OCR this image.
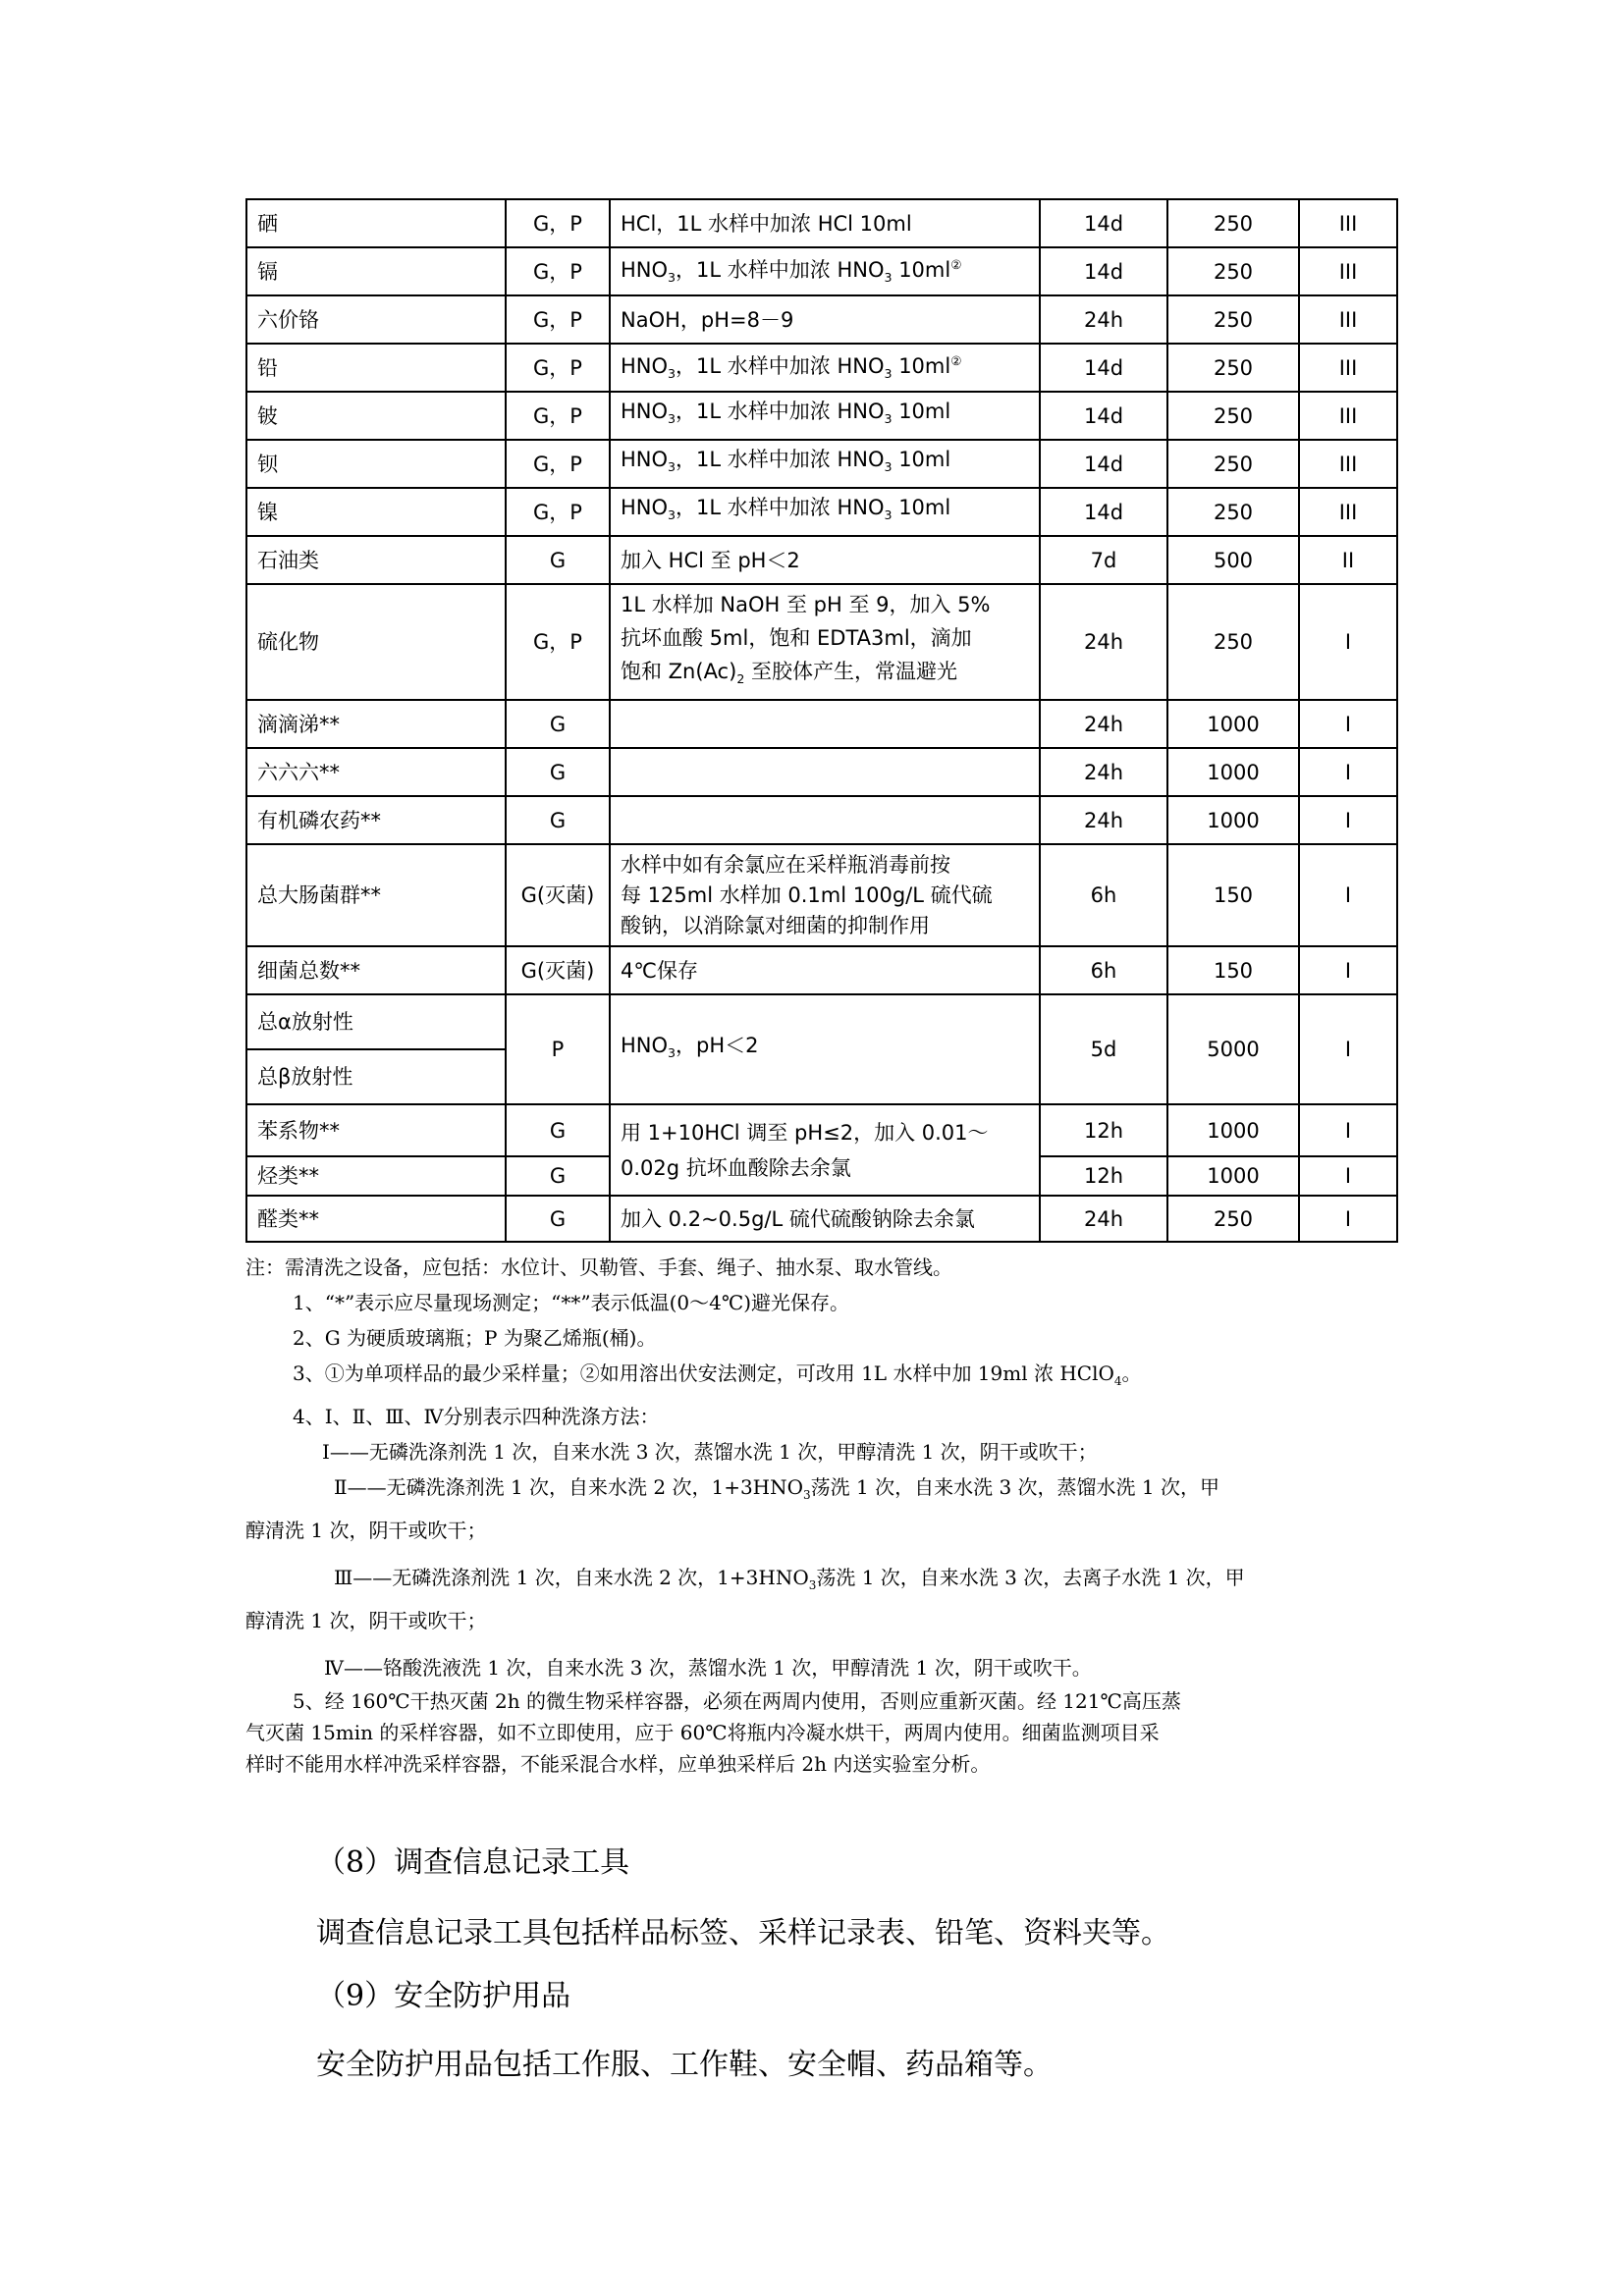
硒	G，P	HCl，1L 水样中加浓 HCl 10ml	14d	250	III
镉	G，P	$HNO_3$，1L 水样中加浓 $HNO_3$ 10ml②	14d	250	III
六价铬	G，P	NaOH，pH=8－9	24h	250	III
铅	G，P	$HNO_3$，1L 水样中加浓 $HNO_3$ 10ml②	14d	250	III
铍	G，P	$HNO_3$，1L 水样中加浓 $HNO_3$ 10ml	14d	250	III
钡	G，P	$HNO_3$，1L 水样中加浓 $HNO_3$ 10ml	14d	250	III
镍	G，P	$HNO_3$，1L 水样中加浓 $HNO_3$ 10ml	14d	250	III
石油类	G	加入 HCl 至 pH＜2	7d	500	II
硫化物	G，P	1L 水样加 NaOH 至 pH 至 9，加入 5%
抗坏血酸 5ml，饱和 EDTA3ml，滴加
饱和 $Zn(Ac)_2$ 至胶体产生，常温避光	24h	250	I
滴滴涕**	G		24h	1000	I
六六六**	G		24h	1000	I
有机磷农药**	G		24h	1000	I
总大肠菌群**	G(灭菌)	水样中如有余氯应在采样瓶消毒前按
每 125ml 水样加 0.1ml 100g/L 硫代硫
酸钠，以消除氯对细菌的抑制作用	6h	150	I
细菌总数**	G(灭菌)	4℃保存	6h	150	I
总α放射性	P	$HNO_3$，pH＜2	5d	5000	I
总β放射性					
苯系物**	G	用 1+10HCl 调至 pH≤2，加入 0.01～
0.02g 抗坏血酸除去余氯	12h	1000	I
烃类**	G		12h	1000	I
醛类**	G	加入 0.2~0.5g/L 硫代硫酸钠除去余氯	24h	250	I

注：需清洗之设备，应包括：水位计、贝勒管、手套、绳子、抽水泵、取水管线。

1、“*”表示应尽量现场测定；“**”表示低温(0～4℃)避光保存。

2、G 为硬质玻璃瓶；P 为聚乙烯瓶(桶)。

3、①为单项样品的最少采样量；②如用溶出伏安法测定，可改用 1L 水样中加 19ml 浓 HClO$_4$。

4、Ⅰ、Ⅱ、Ⅲ、Ⅳ分别表示四种洗涤方法：

Ⅰ——无磷洗涤剂洗 1 次，自来水洗 3 次，蒸馏水洗 1 次，甲醇清洗 1 次，阴干或吹干；

Ⅱ——无磷洗涤剂洗 1 次，自来水洗 2 次，$1+3HNO_3$荡洗 1 次，自来水洗 3 次，蒸馏水洗 1 次，甲

醇清洗 1 次，阴干或吹干；

Ⅲ——无磷洗涤剂洗 1 次，自来水洗 2 次，$1+3HNO_3$荡洗 1 次，自来水洗 3 次，去离子水洗 1 次，甲

醇清洗 1 次，阴干或吹干；

Ⅳ——铬酸洗液洗 1 次，自来水洗 3 次，蒸馏水洗 1 次，甲醇清洗 1 次，阴干或吹干。

5、经 160℃干热灭菌 2h 的微生物采样容器，必须在两周内使用，否则应重新灭菌。经 121℃高压蒸

气灭菌 15min 的采样容器，如不立即使用，应于 60℃将瓶内冷凝水烘干，两周内使用。细菌监测项目采

样时不能用水样冲洗采样容器，不能采混合水样，应单独采样后 2h 内送实验室分析。

（8）调查信息记录工具
调查信息记录工具包括样品标签、采样记录表、铅笔、资料夹等。
（9）安全防护用品
安全防护用品包括工作服、工作鞋、安全帽、药品箱等。
